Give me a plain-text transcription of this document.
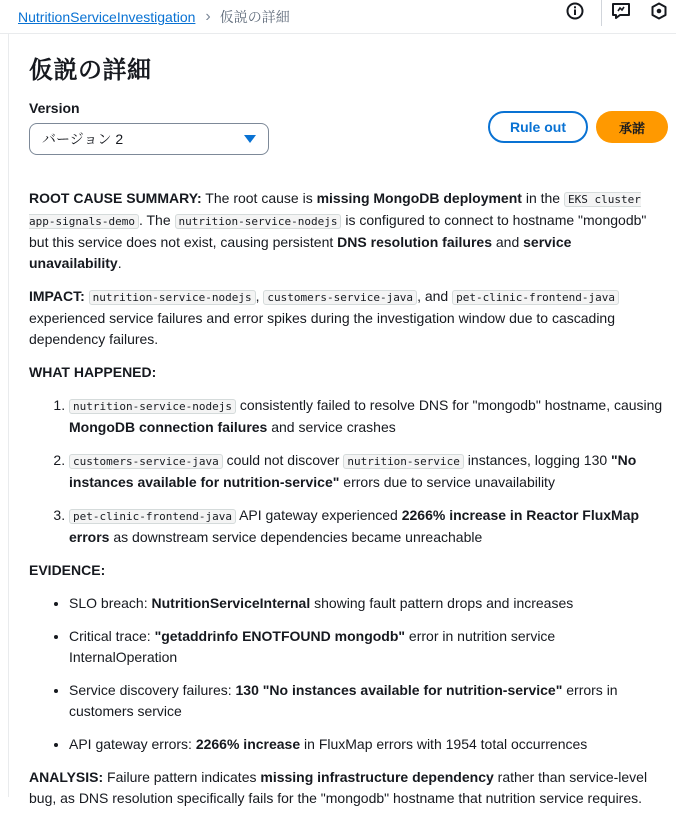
NutritionServiceInvestigation › 仮説の詳細
仮説の詳細
Version
バージョン 2
Rule out	承諾

ROOT CAUSE SUMMARY: The root cause is missing MongoDB deployment in the EKS cluster app-signals-demo . The nutrition-service-nodejs is configured to connect to hostname "mongodb" but this service does not exist, causing persistent DNS resolution failures and service unavailability.

IMPACT: nutrition-service-nodejs , customers-service-java , and pet-clinic-frontend-java experienced service failures and error spikes during the investigation window due to cascading dependency failures.

WHAT HAPPENED:
1. nutrition-service-nodejs consistently failed to resolve DNS for "mongodb" hostname, causing MongoDB connection failures and service crashes
2. customers-service-java could not discover nutrition-service instances, logging 130 "No instances available for nutrition-service" errors due to service unavailability
3. pet-clinic-frontend-java API gateway experienced 2266% increase in Reactor FluxMap errors as downstream service dependencies became unreachable
EVIDENCE:
• SLO breach: NutritionServiceInternal showing fault pattern drops and increases
• Critical trace: "getaddrinfo ENOTFOUND mongodb" error in nutrition service InternalOperation
• Service discovery failures: 130 "No instances available for nutrition-service" errors in customers service
• API gateway errors: 2266% increase in FluxMap errors with 1954 total occurrences

ANALYSIS: Failure pattern indicates missing infrastructure dependency rather than service-level bug, as DNS resolution specifically fails for the "mongodb" hostname that nutrition service requires.
